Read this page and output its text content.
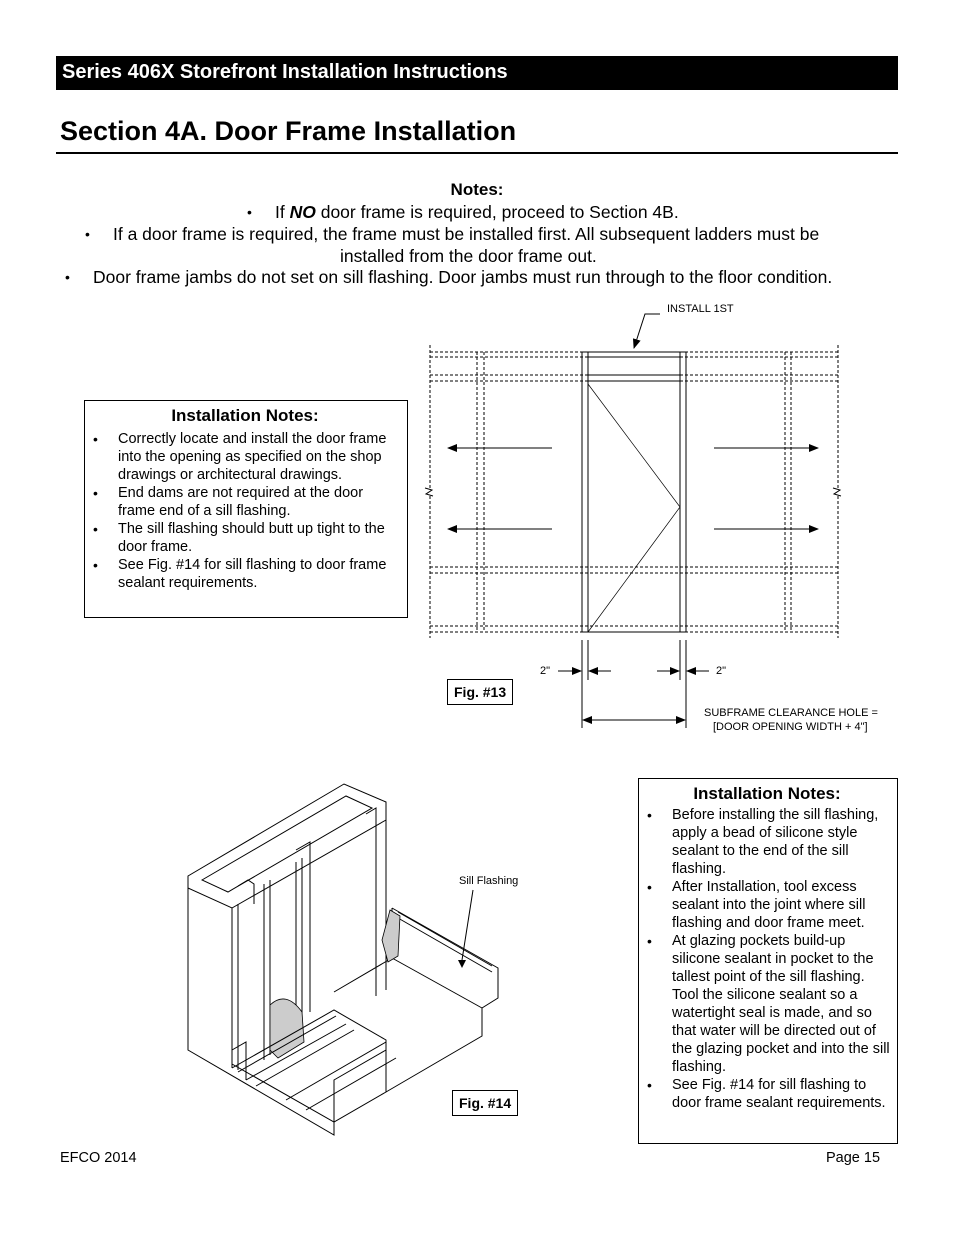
Series 406X Storefront Installation Instructions
Section 4A. Door Frame Installation
Notes:
• If NO door frame is required, proceed to Section 4B.
• If a door frame is required, the frame must be installed first. All subsequent ladders must be
installed from the door frame out.
• Door frame jambs do not set on sill flashing. Door jambs must run through to the floor condition.
Installation Notes:
• Correctly locate and install the door frame into the opening as specified on the shop drawings or architectural drawings.
• End dams are not required at the door frame end of a sill flashing.
• The sill flashing should butt up tight to the door frame.
• See Fig. #14 for sill flashing to door frame sealant requirements.
INSTALL 1ST
2"	2"
SUBFRAME CLEARANCE HOLE =
[DOOR OPENING WIDTH + 4"]
Fig. #13
Sill Flashing
Fig. #14
Installation Notes:
• Before installing the sill flashing, apply a bead of silicone style sealant to the end of the sill flashing.
• After Installation, tool excess sealant into the joint where sill flashing and door frame meet.
• At glazing pockets build-up silicone sealant in pocket to the tallest point of the sill flashing. Tool the silicone sealant so a watertight seal is made, and so that water will be directed out of the glazing pocket and into the sill flashing.
• See Fig. #14 for sill flashing to door frame sealant requirements.
EFCO 2014	Page 15
